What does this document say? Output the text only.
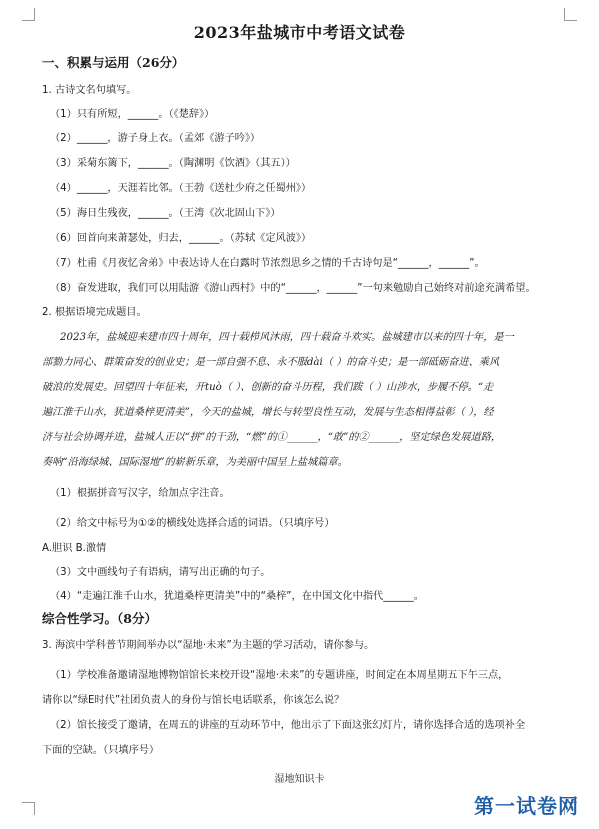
2023年盐城市中考语文试卷
一、积累与运用（26分）
1. 古诗文名句填写。
（1）只有所短，______。（《楚辞》）
（2）______，游子身上衣。（孟郊《游子吟》）
（3）采菊东篱下，______。（陶渊明《饮酒》（其五））
（4）______，天涯若比邻。（王勃《送杜少府之任蜀州》）
（5）海日生残夜，______。（王湾《次北固山下》）
（6）回首向来萧瑟处，归去，______。（苏轼《定风波》）
（7）杜甫《月夜忆舍弟》中表达诗人在白露时节浓烈思乡之情的千古诗句是“______，______”。
（8）奋发进取，我们可以用陆游《游山西村》中的“______，______”一句来勉励自己始终对前途充满希望。
2. 根据语境完成题目。
2023年，盐城迎来建市四十周年，四十载栉风沐雨，四十载奋斗欢实。盐城建市以来的四十年，是一
部勠力同心、群策奋发的创业史；是一部自强不息、永不服dài（ ）的奋斗史；是一部砥砺奋进、乘风
破浪的发展史。回望四十年征来，开tuò（ ）、创新的奋斗历程，我们跋（ ）山涉水，步履不停。“走
遍江淮千山水，犹道桑梓更清美”，今天的盐城，增长与转型良性互动，发展与生态相得益彰（ ），经
济与社会协调并进，盐城人正以“拼”的干劲，“燃”的①______，“敢”的②______，坚定绿色发展道路，
奏响“沿海绿城、国际湿地”的崭新乐章，为美丽中国呈上盐城篇章。
（1）根据拼音写汉字，给加点字注音。
（2）给文中标号为①②的横线处选择合适的词语。（只填序号）
A.胆识 B.激情
（3）文中画线句子有语病，请写出正确的句子。
（4）“走遍江淮千山水，犹道桑梓更清美”中的“桑梓”，在中国文化中指代______。
综合性学习。（8分）
3. 海滨中学科普节期间举办以“湿地·未来”为主题的学习活动，请你参与。
（1）学校准备邀请湿地博物馆馆长来校开设“湿地·未来”的专题讲座，时间定在本周星期五下午三点，
请你以“绿E时代”社团负责人的身份与馆长电话联系，你该怎么说？
（2）馆长接受了邀请，在周五的讲座的互动环节中，他出示了下面这张幻灯片，请你选择合适的选项补全
下面的空缺。（只填序号）
湿地知识卡
第一试卷网
